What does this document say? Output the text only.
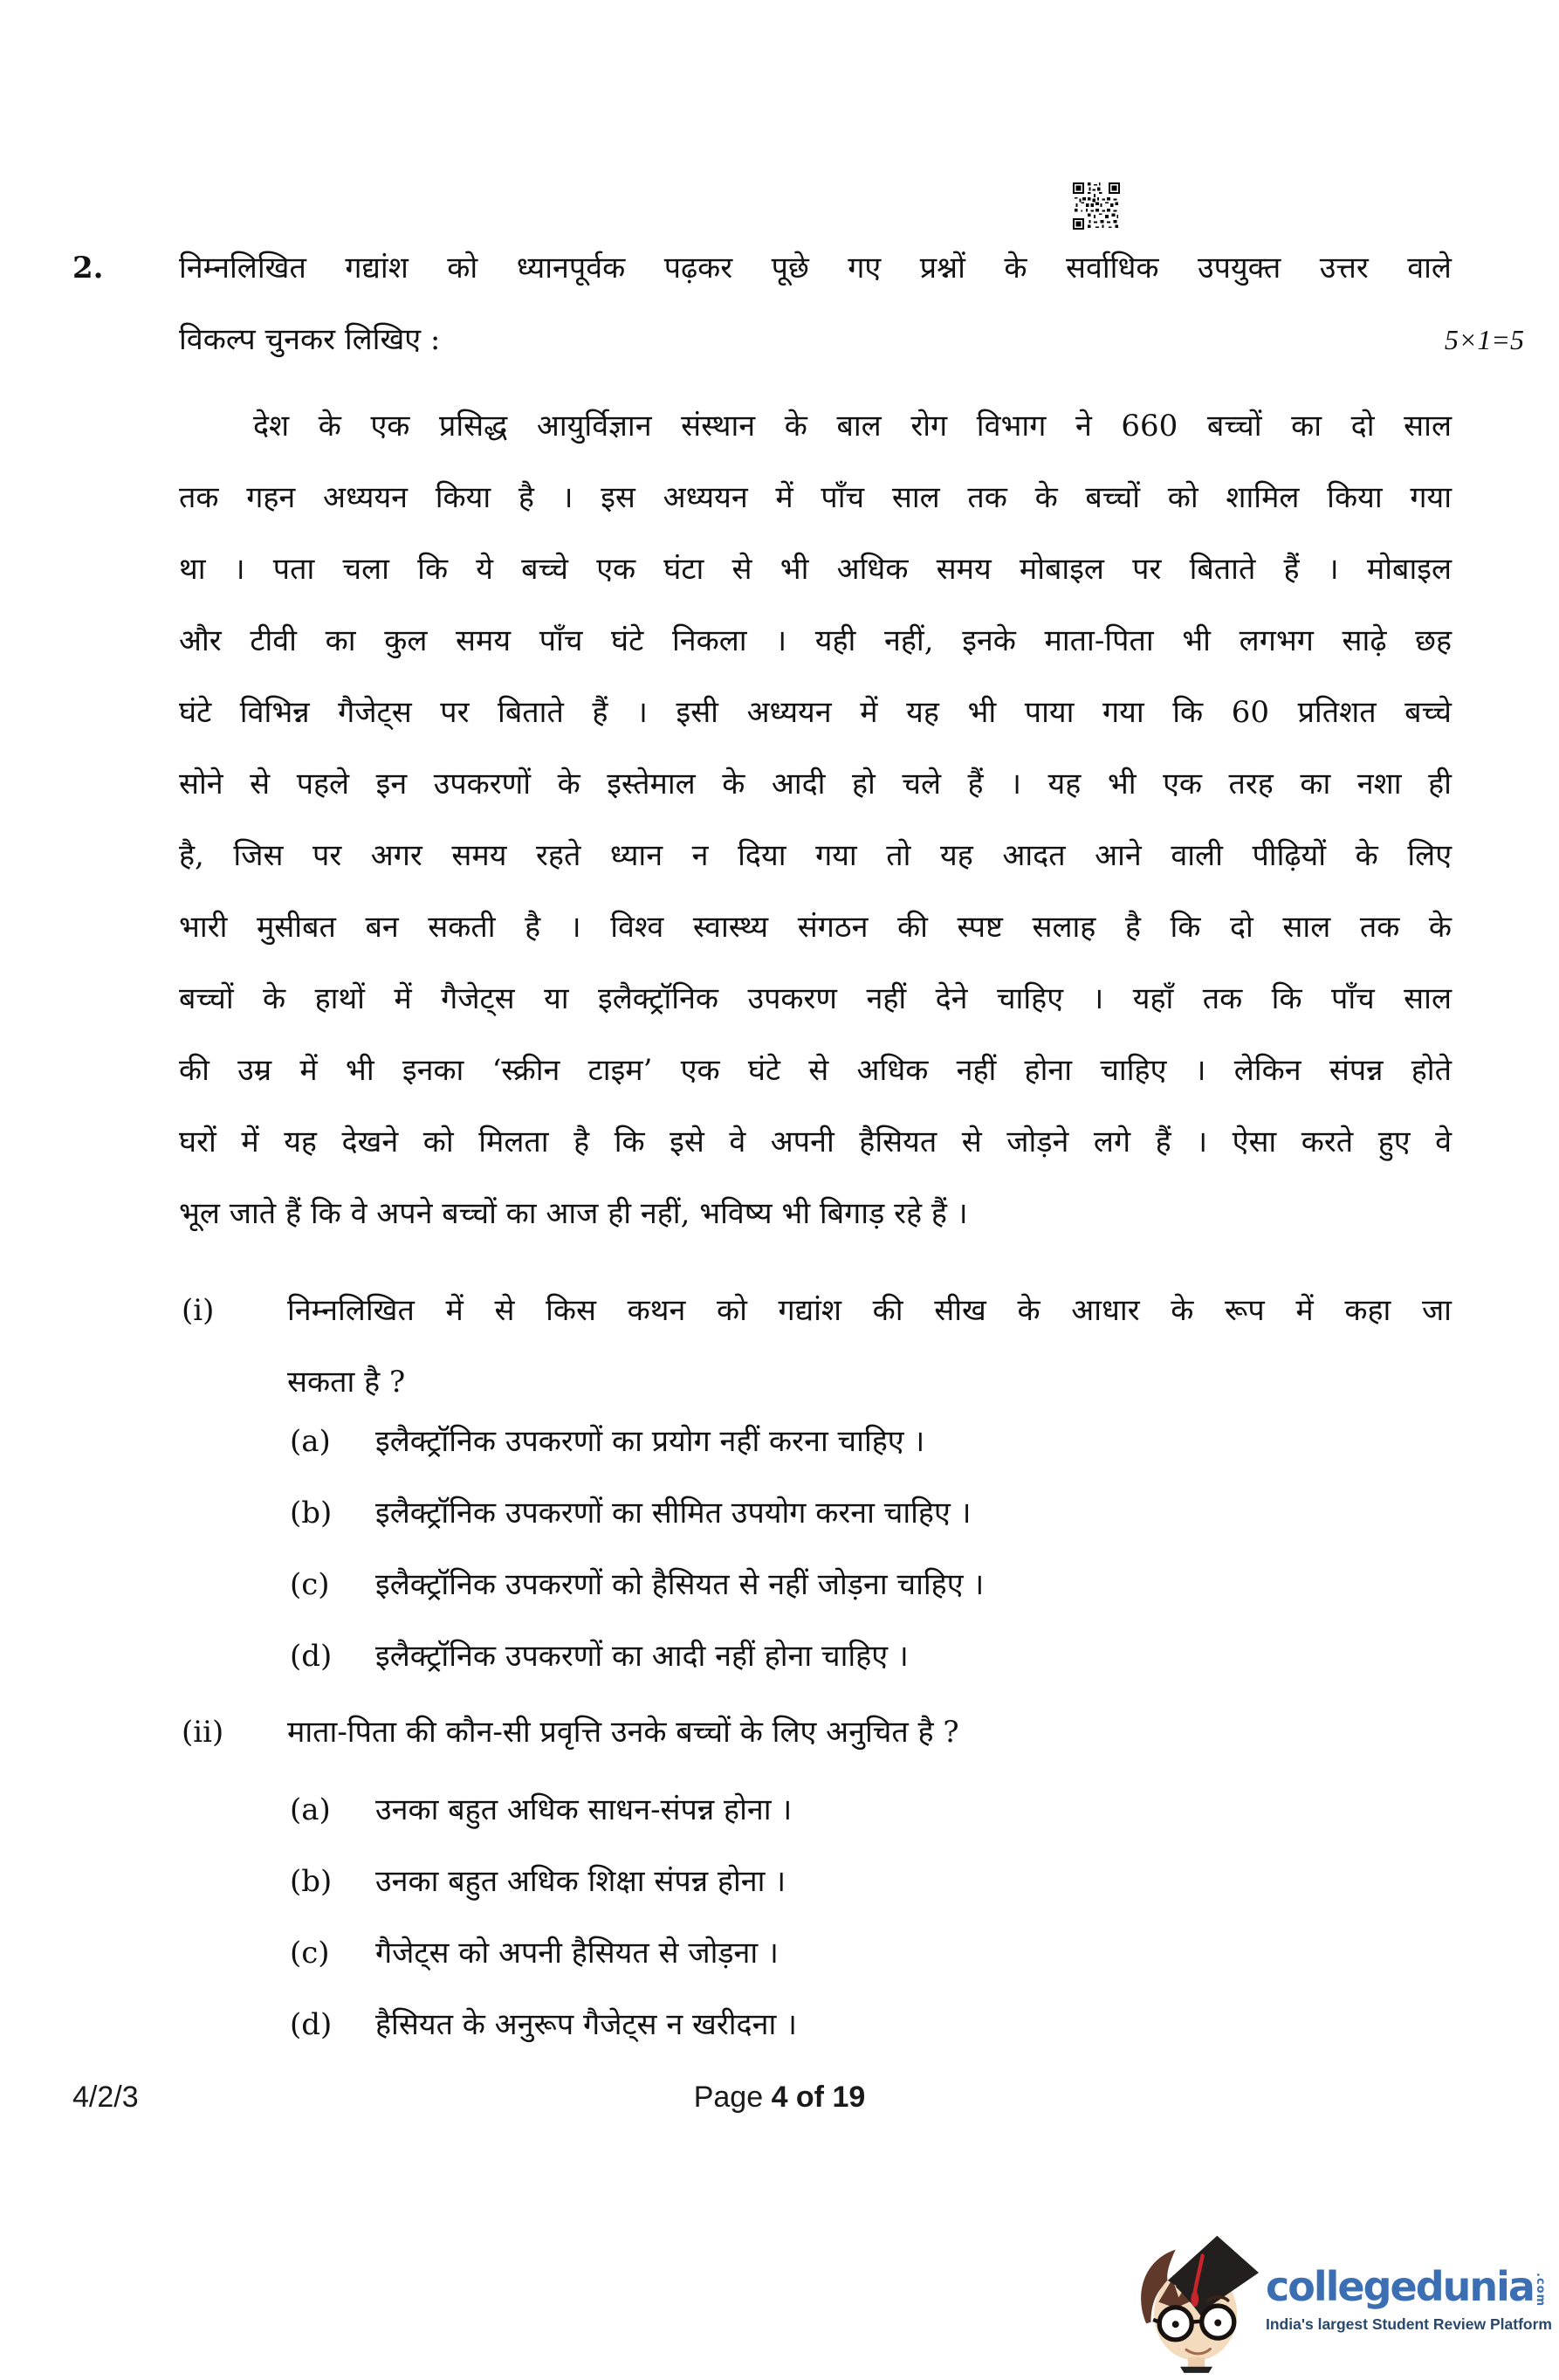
2.	निम्नलिखित गद्यांश को ध्यानपूर्वक पढ़कर पूछे गए प्रश्नों के सर्वाधिक उपयुक्त उत्तर वाले
विकल्प चुनकर लिखिए :	5×1=5
देश के एक प्रसिद्ध आयुर्विज्ञान संस्थान के बाल रोग विभाग ने 660 बच्चों का दो साल
तक गहन अध्ययन किया है । इस अध्ययन में पाँच साल तक के बच्चों को शामिल किया गया
था । पता चला कि ये बच्चे एक घंटा से भी अधिक समय मोबाइल पर बिताते हैं । मोबाइल
और टीवी का कुल समय पाँच घंटे निकला । यही नहीं, इनके माता-पिता भी लगभग साढ़े छह
घंटे विभिन्न गैजेट्स पर बिताते हैं । इसी अध्ययन में यह भी पाया गया कि 60 प्रतिशत बच्चे
सोने से पहले इन उपकरणों के इस्तेमाल के आदी हो चले हैं । यह भी एक तरह का नशा ही
है, जिस पर अगर समय रहते ध्यान न दिया गया तो यह आदत आने वाली पीढ़ियों के लिए
भारी मुसीबत बन सकती है । विश्व स्वास्थ्य संगठन की स्पष्ट सलाह है कि दो साल तक के
बच्चों के हाथों में गैजेट्स या इलैक्ट्रॉनिक उपकरण नहीं देने चाहिए । यहाँ तक कि पाँच साल
की उम्र में भी इनका ‘स्क्रीन टाइम’ एक घंटे से अधिक नहीं होना चाहिए । लेकिन संपन्न होते
घरों में यह देखने को मिलता है कि इसे वे अपनी हैसियत से जोड़ने लगे हैं । ऐसा करते हुए वे
भूल जाते हैं कि वे अपने बच्चों का आज ही नहीं, भविष्य भी बिगाड़ रहे हैं ।
(i)	निम्नलिखित में से किस कथन को गद्यांश की सीख के आधार के रूप में कहा जा
सकता है ?
(a)	इलैक्ट्रॉनिक उपकरणों का प्रयोग नहीं करना चाहिए ।
(b)	इलैक्ट्रॉनिक उपकरणों का सीमित उपयोग करना चाहिए ।
(c)	इलैक्ट्रॉनिक उपकरणों को हैसियत से नहीं जोड़ना चाहिए ।
(d)	इलैक्ट्रॉनिक उपकरणों का आदी नहीं होना चाहिए ।
(ii)	माता-पिता की कौन-सी प्रवृत्ति उनके बच्चों के लिए अनुचित है ?
(a)	उनका बहुत अधिक साधन-संपन्न होना ।
(b)	उनका बहुत अधिक शिक्षा संपन्न होना ।
(c)	गैजेट्स को अपनी हैसियत से जोड़ना ।
(d)	हैसियत के अनुरूप गैजेट्स न खरीदना ।
4/2/3	Page 4 of 19
collegedunia .com
India's largest Student Review Platform
